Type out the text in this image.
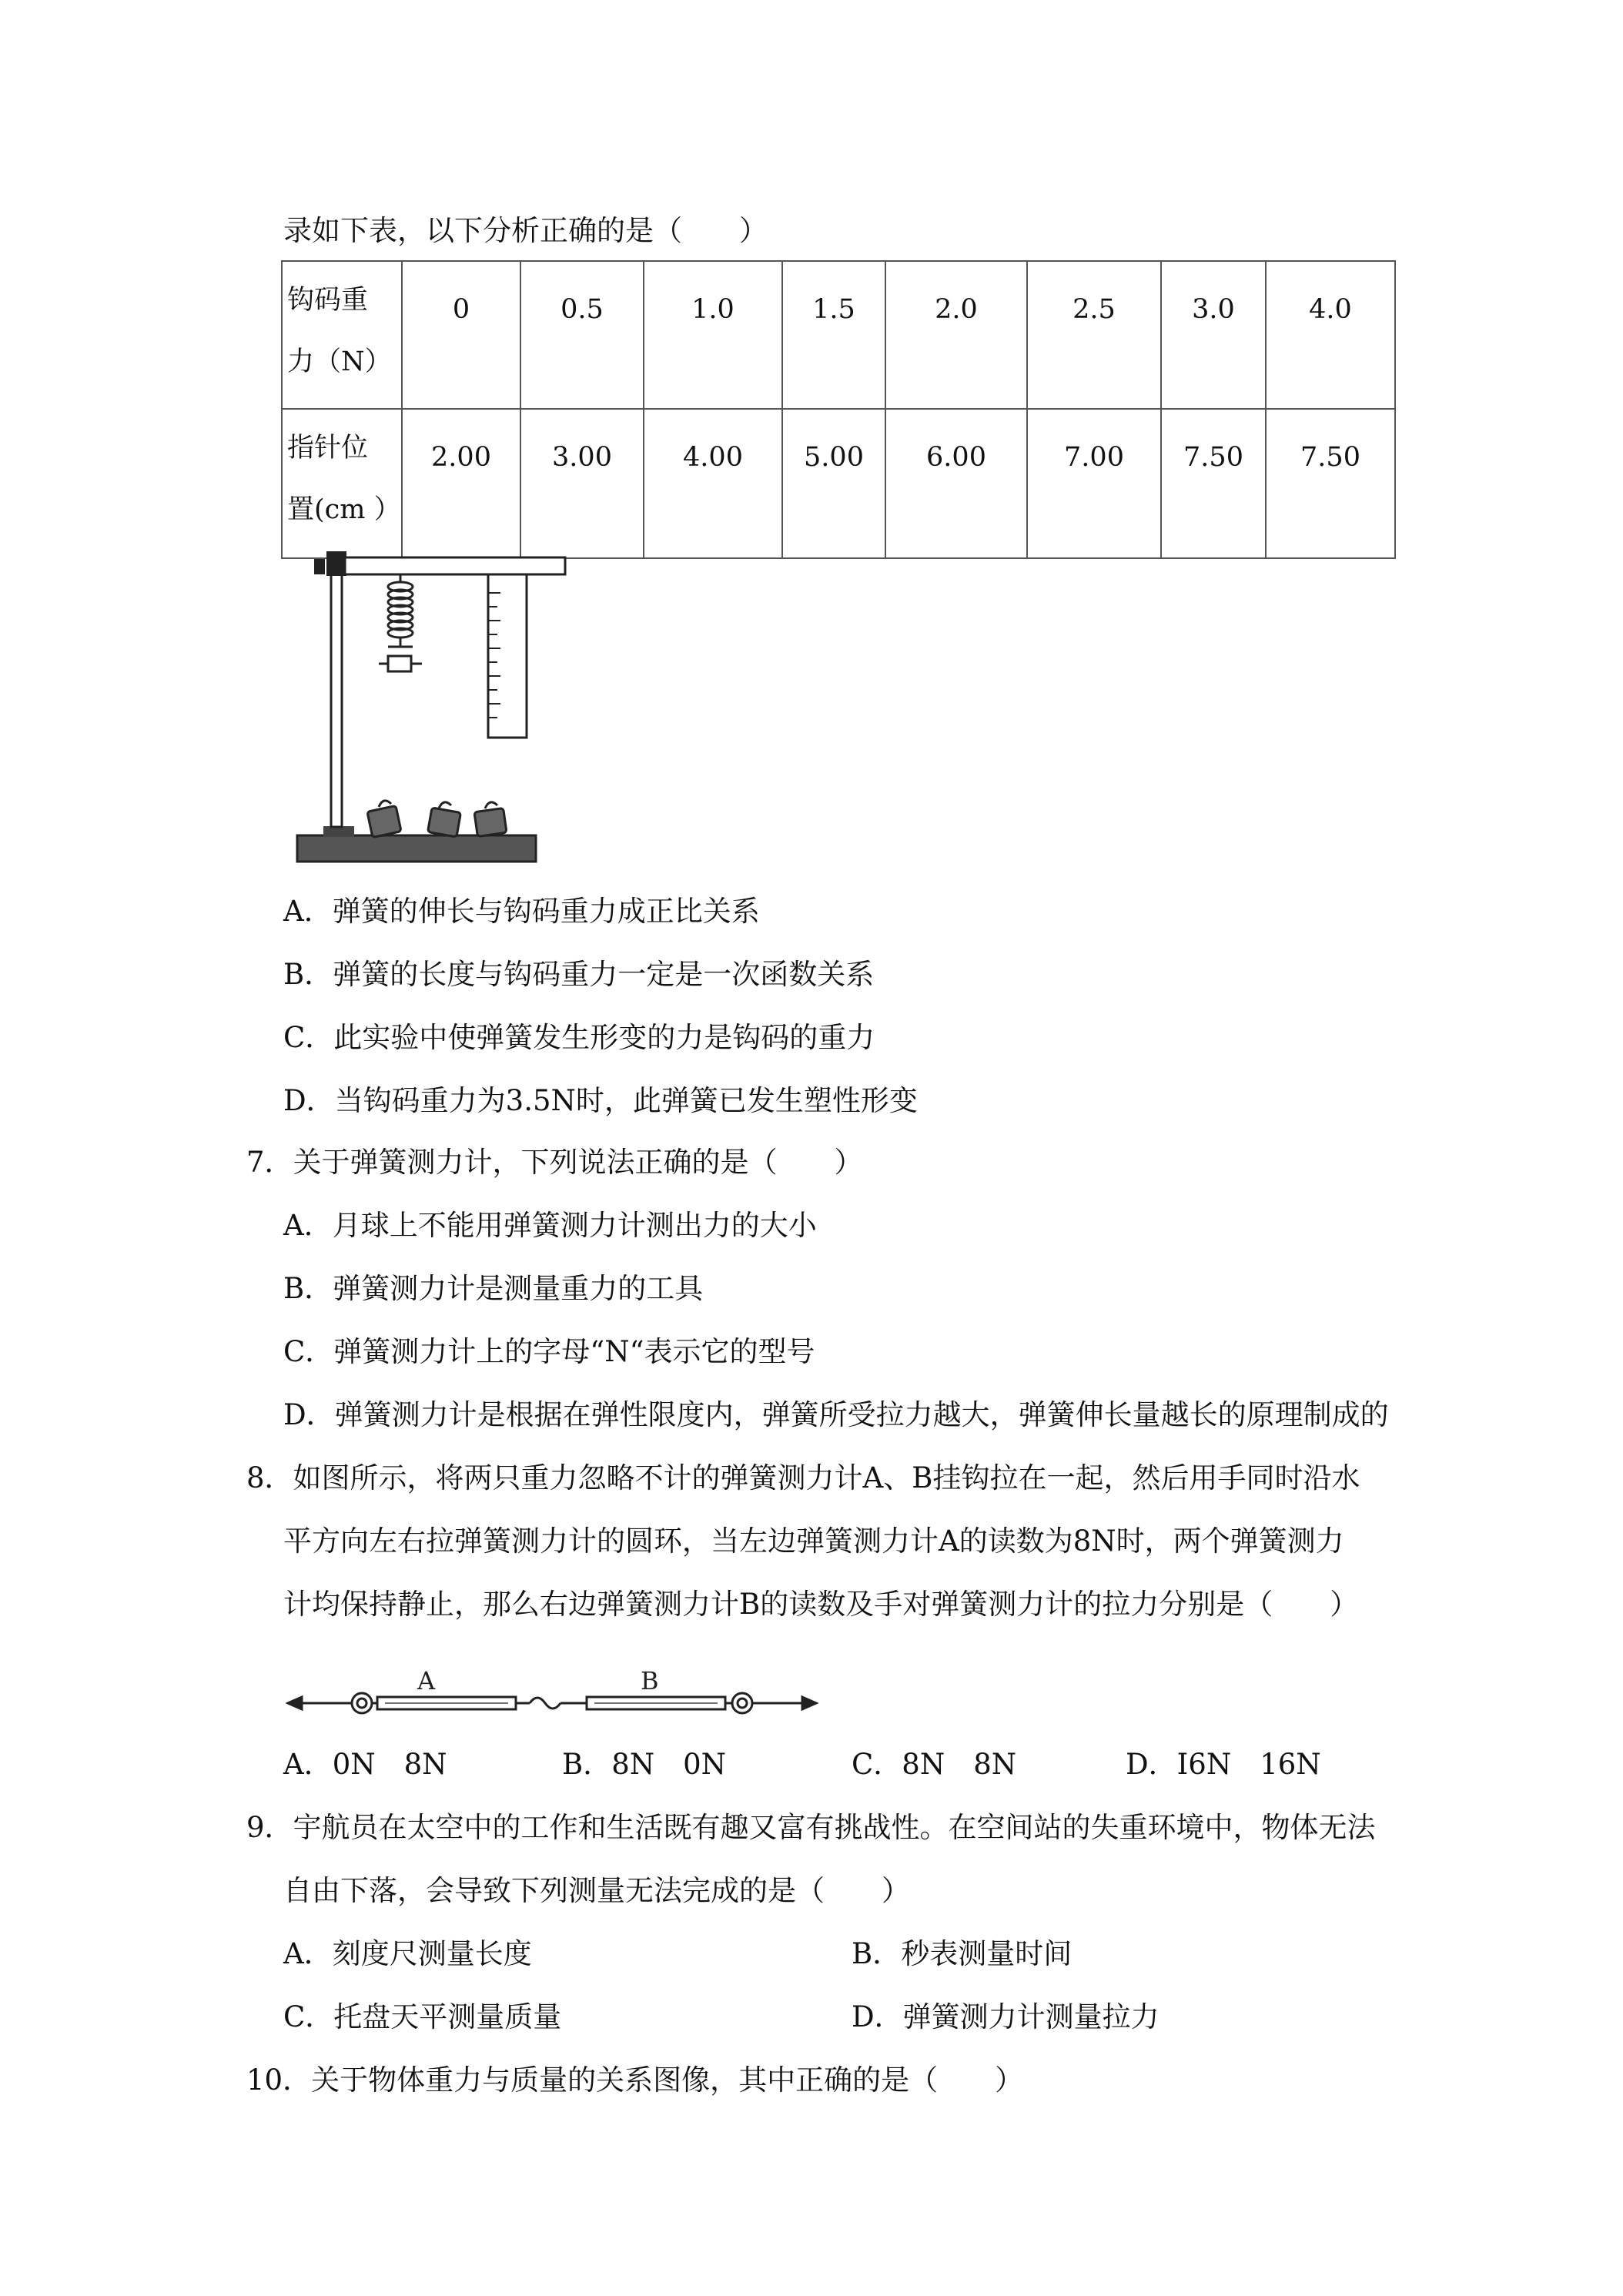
录如下表，以下分析正确的是（　　）
钩码重
力（N）	0	0.5	1.0	1.5	2.0	2.5	3.0	4.0

指针位
置(cm ）	2.00	3.00	4.00	5.00	6.00	7.00	7.50	7.50
A．弹簧的伸长与钩码重力成正比关系
B．弹簧的长度与钩码重力一定是一次函数关系
C．此实验中使弹簧发生形变的力是钩码的重力
D．当钩码重力为3.5N时，此弹簧已发生塑性形变
7．关于弹簧测力计，下列说法正确的是（　　）
A．月球上不能用弹簧测力计测出力的大小
B．弹簧测力计是测量重力的工具
C．弹簧测力计上的字母“N“表示它的型号
D．弹簧测力计是根据在弹性限度内，弹簧所受拉力越大，弹簧伸长量越长的原理制成的
8．如图所示，将两只重力忽略不计的弹簧测力计A、B挂钩拉在一起，然后用手同时沿水
平方向左右拉弹簧测力计的圆环，当左边弹簧测力计A的读数为8N时，两个弹簧测力
计均保持静止，那么右边弹簧测力计B的读数及手对弹簧测力计的拉力分别是（　　）
A	B
A．0N　8N	B．8N　0N	C．8N　8N	D．I6N　16N
9．宇航员在太空中的工作和生活既有趣又富有挑战性。在空间站的失重环境中，物体无法
自由下落，会导致下列测量无法完成的是（　　）
A．刻度尺测量长度	B．秒表测量时间
C．托盘天平测量质量	D．弹簧测力计测量拉力
10．关于物体重力与质量的关系图像，其中正确的是（　　）
